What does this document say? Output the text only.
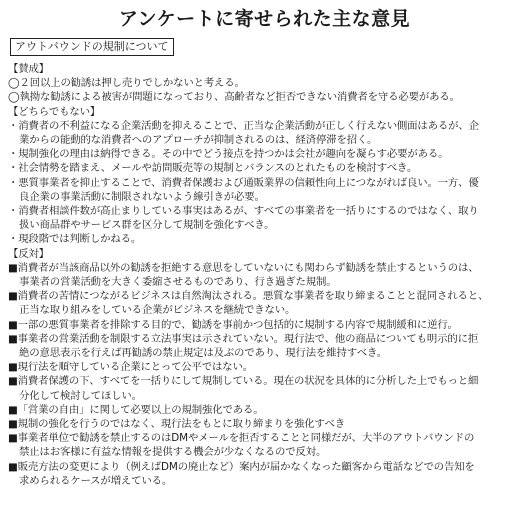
アンケートに寄せられた主な意見
アウトバウンドの規制について
【賛成】
◯２回以上の勧誘は押し売りでしかないと考える。
◯執拗な勧誘による被害が問題になっており、高齢者など拒否できない消費者を守る必要がある。
【どちらでもない】
・消費者の不利益になる企業活動を抑えることで、正当な企業活動が正しく行えない側面はあるが、企
業からの能動的な消費者へのアプローチが抑制されるのは、経済停滞を招く。
・規制強化の理由は納得できる。その中でどう接点を持つかは会社が趣向を凝らす必要がある。
・社会情勢を踏まえ、メールや訪問販売等の規制とバランスのとれたものを検討すべき。
・悪質事業者を抑止することで、消費者保護および通販業界の信頼性向上につながれば良い。一方、優
良企業の事業活動に制限されないよう線引きが必要。
・消費者相談件数が高止まりしている事実はあるが、すべての事業者を一括りにするのではなく、取り
扱い商品群やサービス群を区分して規制を強化すべき。
・現段階では判断しかねる。
【反対】
■消費者が当該商品以外の勧誘を拒絶する意思をしていないにも関わらず勧誘を禁止するというのは、
事業者の営業活動を大きく委縮させるものであり、行き過ぎた規制。
■消費者の苦情につながるビジネスは自然淘汰される。悪質な事業者を取り締まることと混同されると、
正当な取り組みをしている企業がビジネスを継続できない。
■一部の悪質事業者を排除する目的で、勧誘を事前かつ包括的に規制する内容で規制緩和に逆行。
■事業者の営業活動を制限する立法事実は示されていない。現行法で、他の商品についても明示的に拒
絶の意思表示を行えば再勧誘の禁止規定は及ぶのであり、現行法を維持すべき。
■現行法を順守している企業にとって公平ではない。
■消費者保護の下、すべてを一括りにして規制している。現在の状況を具体的に分析した上でもっと細
分化して検討してほしい。
■「営業の自由」に関して必要以上の規制強化である。
■規制の強化を行うのではなく、現行法をもとに取り締まりを強化すべき
■事業者単位で勧誘を禁止するのはDMやメールを拒否することと同様だが、大半のアウトバウンドの
禁止はお客様に有益な情報を提供する機会が少なくなるので反対。
■販売方法の変更により（例えばDMの廃止など）案内が届かなくなった顧客から電話などでの告知を
求められるケースが増えている。
